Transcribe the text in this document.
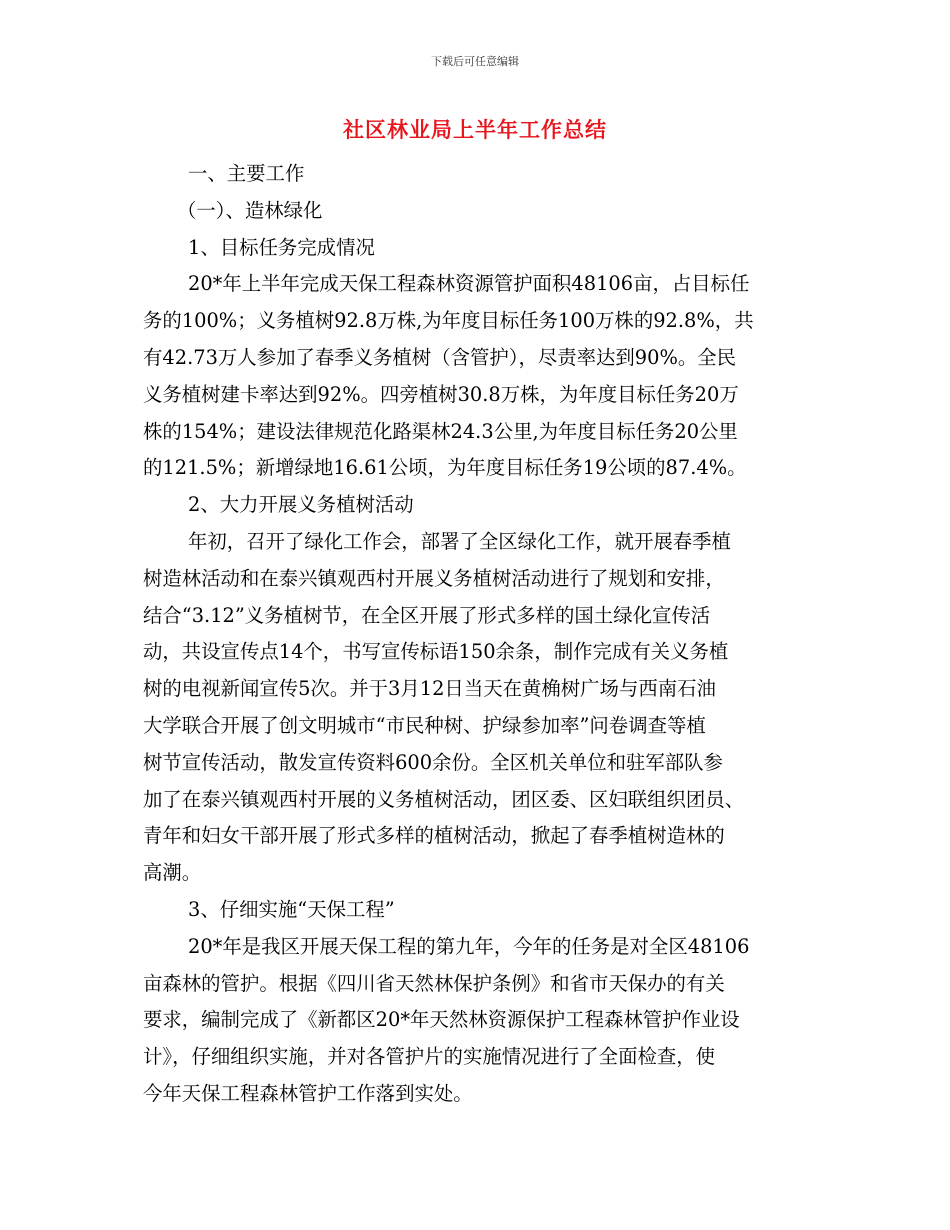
下载后可任意编辑
社区林业局上半年工作总结
一、主要工作
（一）、造林绿化
1、目标任务完成情况
20*年上半年完成天保工程森林资源管护面积48106亩，占目标任
务的100%；义务植树92.8万株,为年度目标任务100万株的92.8%，共
有42.73万人参加了春季义务植树（含管护），尽责率达到90%。全民
义务植树建卡率达到92%。四旁植树30.8万株，为年度目标任务20万
株的154%；建设法律规范化路渠林24.3公里,为年度目标任务20公里
的121.5%；新增绿地16.61公顷，为年度目标任务19公顷的87.4%。
2、大力开展义务植树活动
年初，召开了绿化工作会，部署了全区绿化工作，就开展春季植
树造林活动和在泰兴镇观西村开展义务植树活动进行了规划和安排，
结合“3.12”义务植树节，在全区开展了形式多样的国土绿化宣传活
动，共设宣传点14个，书写宣传标语150余条，制作完成有关义务植
树的电视新闻宣传5次。并于3月12日当天在黄桷树广场与西南石油
大学联合开展了创文明城市“市民种树、护绿参加率”问卷调查等植
树节宣传活动，散发宣传资料600余份。全区机关单位和驻军部队参
加了在泰兴镇观西村开展的义务植树活动，团区委、区妇联组织团员、
青年和妇女干部开展了形式多样的植树活动，掀起了春季植树造林的
高潮。
3、仔细实施“天保工程”
20*年是我区开展天保工程的第九年，今年的任务是对全区48106
亩森林的管护。根据《四川省天然林保护条例》和省市天保办的有关
要求，编制完成了《新都区20*年天然林资源保护工程森林管护作业设
计》，仔细组织实施，并对各管护片的实施情况进行了全面检查，使
今年天保工程森林管护工作落到实处。
